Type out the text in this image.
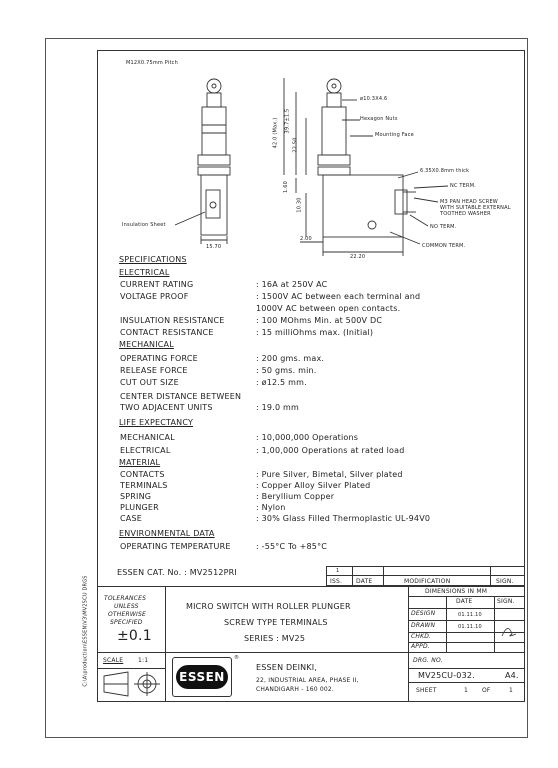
M12X0.75mm Pitch
ø10.3X4.6
Hexagon Nuts
Mounting Face
6.35X0.8mm thick
42.0 (Max.) 39.7±1.5
22.50
1.60
10.30
NC TERM.
M3 PAN HEAD SCREW
WITH SUITABLE EXTERNAL
TOOTHED WASHER
NO TERM.
COMMON TERM.
2.00
22.20
Insulation Sheet
15.70
SPECIFICATIONS
ELECTRICAL
CURRENT RATING	: 16A at 250V AC
VOLTAGE PROOF	: 1500V AC between each terminal and
1000V AC between open contacts.
INSULATION RESISTANCE	: 100 MOhms Min. at 500V DC
CONTACT RESISTANCE	: 15 milliOhms max. (Initial)
MECHANICAL
OPERATING FORCE	: 200 gms. max.
RELEASE FORCE	: 50 gms. min.
CUT OUT SIZE	: ø12.5 mm.
CENTER DISTANCE BETWEEN
TWO ADJACENT UNITS	: 19.0 mm
LIFE EXPECTANCY
MECHANICAL	: 10,000,000 Operations
ELECTRICAL	: 1,00,000 Operations at rated load
MATERIAL
CONTACTS	: Pure Silver, Bimetal, Silver plated
TERMINALS	: Copper Alloy Silver Plated
SPRING	: Beryllium Copper
PLUNGER	: Nylon
CASE	: 30% Glass Filled Thermoplastic UL-94V0
ENVIRONMENTAL DATA
OPERATING TEMPERATURE	: -55°C To +85°C
ESSEN CAT. No. : MV2512PRI	1
ISS. DATE	MODIFICATION	SIGN.
TOLERANCES
UNLESS
OTHERWISE
SPECIFIED
±0.1
MICRO SWITCH WITH ROLLER PLUNGER
SCREW TYPE TERMINALS
SERIES : MV25
DIMENSIONS IN MM
DATE	SIGN.
DESIGN	01.11.10
DRAWN	01.11.10
CHKD.
APPD.
SCALE 1:1
ESSEN
®
ESSEN DEINKI,
22, INDUSTRIAL AREA, PHASE II,
CHANDIGARH - 160 002.
DRG. NO.
MV25CU-032.	A4.
SHEET	1 OF	1
C:\A\production\ESSEN\V3\MV25CU DRGS
